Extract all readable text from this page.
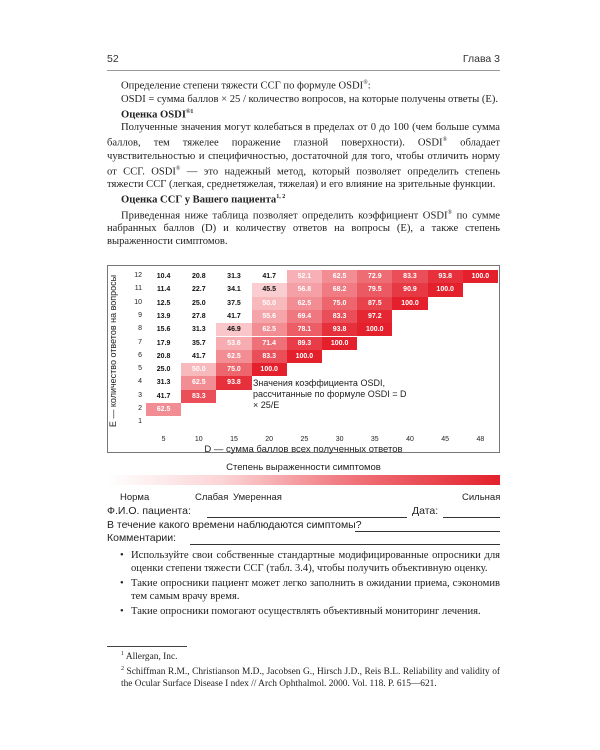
52	Глава 3

Определение степени тяжести ССГ по формуле OSDI®:

OSDI = сумма баллов × 25 / количество вопросов, на которые получены ответы (E).

Оценка $OSDI^{®1}$

Полученные значения могут колебаться в пределах от 0 до 100 (чем больше сумма баллов, тем тяжелее поражение глазной поверхности). OSDI® обладает чувствительностью и специфичностью, достаточной для того, чтобы отличить норму от ССГ. OSDI® — это надежный метод, который позволяет определить степень тяжести ССГ (легкая, среднетяжелая, тяжелая) и его влияние на зрительные функции.

Оценка ССГ у Вашего пациента$^{1, 2}$

Приведенная ниже таблица позволяет определить коэффициент OSDI® по сумме набранных баллов (D) и количеству ответов на вопросы (E), а также степень выраженности симптомов.

E — количество ответов на вопросы	12	10.4	20.8	31.3	41.7	52.1	62.5	72.9	83.3	93.8	100.0
11	11.4	22.7	34.1	45.5	56.8	68.2	79.5	90.9	100.0
10	12.5	25.0	37.5	50.0	62.5	75.0	87.5	100.0
9	13.9	27.8	41.7	55.6	69.4	83.3	97.2
8	15.6	31.3	46.9	62.5	78.1	93.8	100.0
7	17.9	35.7	53.6	71.4	89.3	100.0
6	20.8	41.7	62.5	83.3	100.0
5	25.0	50.0	75.0	100.0
4	31.3	62.5	93.8
3	41.7	83.3
2	62.5
1
5	10	15	20	25	30	35	40	45	48
Значения коэффициента OSDI, рассчитанные по формуле OSDI = D × 25/E
D — сумма баллов всех полученных ответов
Степень выраженности симптомов
Норма	Слабая Умеренная	Сильная
Ф.И.О. пациента:	Дата:
В течение какого времени наблюдаются симптомы?
Комментарии:
• Используйте свои собственные стандартные модифицированные опросники для оценки степени тяжести ССГ (табл. 3.4), чтобы получить объективную оценку.
• Такие опросники пациент может легко заполнить в ожидании приема, сэкономив тем самым врачу время.
• Такие опросники помогают осуществлять объективный мониторинг лечения.
$^1$ Allergan, Inc.
$^2$ Schiffman R.M., Christianson M.D., Jacobsen G., Hirsch J.D., Reis B.L. Reliability and validity of the Ocular Surface Disease I ndex // Arch Ophthalmol. 2000. Vol. 118. P. 615—621.
